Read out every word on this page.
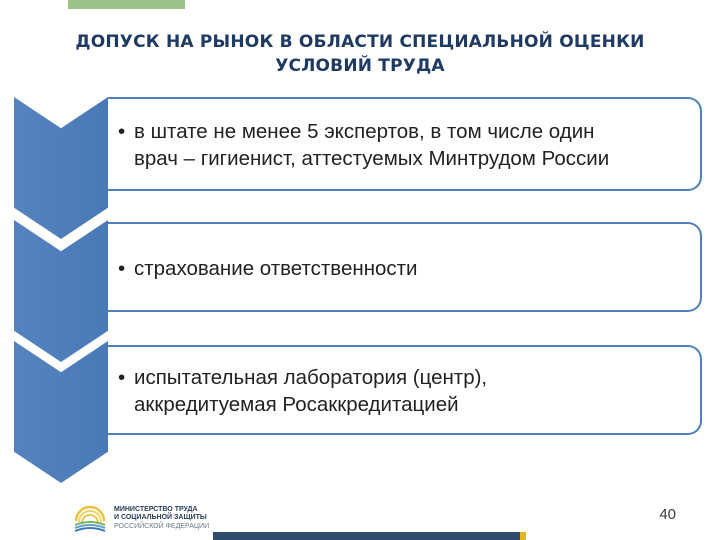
ДОПУСК НА РЫНОК В ОБЛАСТИ СПЕЦИАЛЬНОЙ ОЦЕНКИ
УСЛОВИЙ ТРУДА
• в штате не менее 5 экспертов, в том числе один
врач – гигиенист, аттестуемых Минтрудом России
• страхование ответственности
• испытательная лаборатория (центр),
аккредитуемая Росаккредитацией
МИНИСТЕРСТВО ТРУДА
И СОЦИАЛЬНОЙ ЗАЩИТЫ
РОССИЙСКОЙ ФЕДЕРАЦИИ
40
